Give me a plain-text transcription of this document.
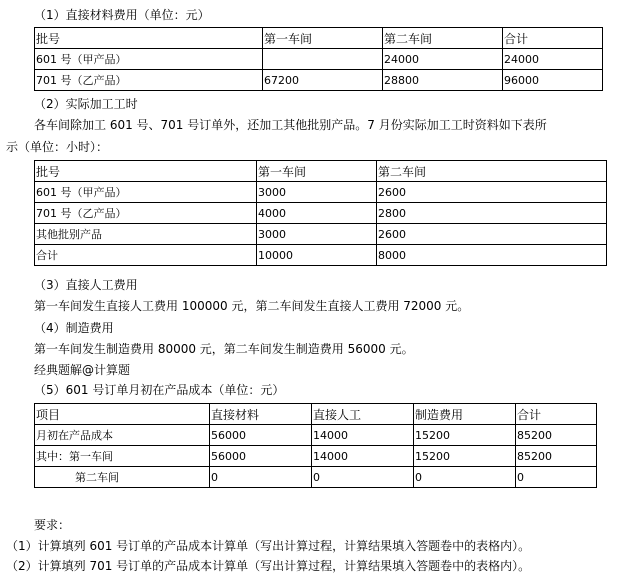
（1）直接材料费用（单位：元）
批号	第一车间	第二车间	合计
601 号（甲产品）		24000	24000
701 号（乙产品）	67200	28800	96000
（2）实际加工工时
各车间除加工 601 号、701 号订单外，还加工其他批别产品。7 月份实际加工工时资料如下表所
示（单位：小时）：
批号	第一车间	第二车间
601 号（甲产品）	3000	2600
701 号（乙产品）	4000	2800
其他批别产品	3000	2600
合计	10000	8000
（3）直接人工费用
第一车间发生直接人工费用 100000 元，第二车间发生直接人工费用 72000 元。
（4）制造费用
第一车间发生制造费用 80000 元，第二车间发生制造费用 56000 元。
经典题解@计算题
（5）601 号订单月初在产品成本（单位：元）
项目	直接材料	直接人工	制造费用	合计
月初在产品成本	56000	14000	15200	85200
其中：第一车间	56000	14000	15200	85200
第二车间	0	0	0	0
要求：
（1）计算填列 601 号订单的产品成本计算单（写出计算过程，计算结果填入答题卷中的表格内）。
（2）计算填列 701 号订单的产品成本计算单（写出计算过程，计算结果填入答题卷中的表格内）。
